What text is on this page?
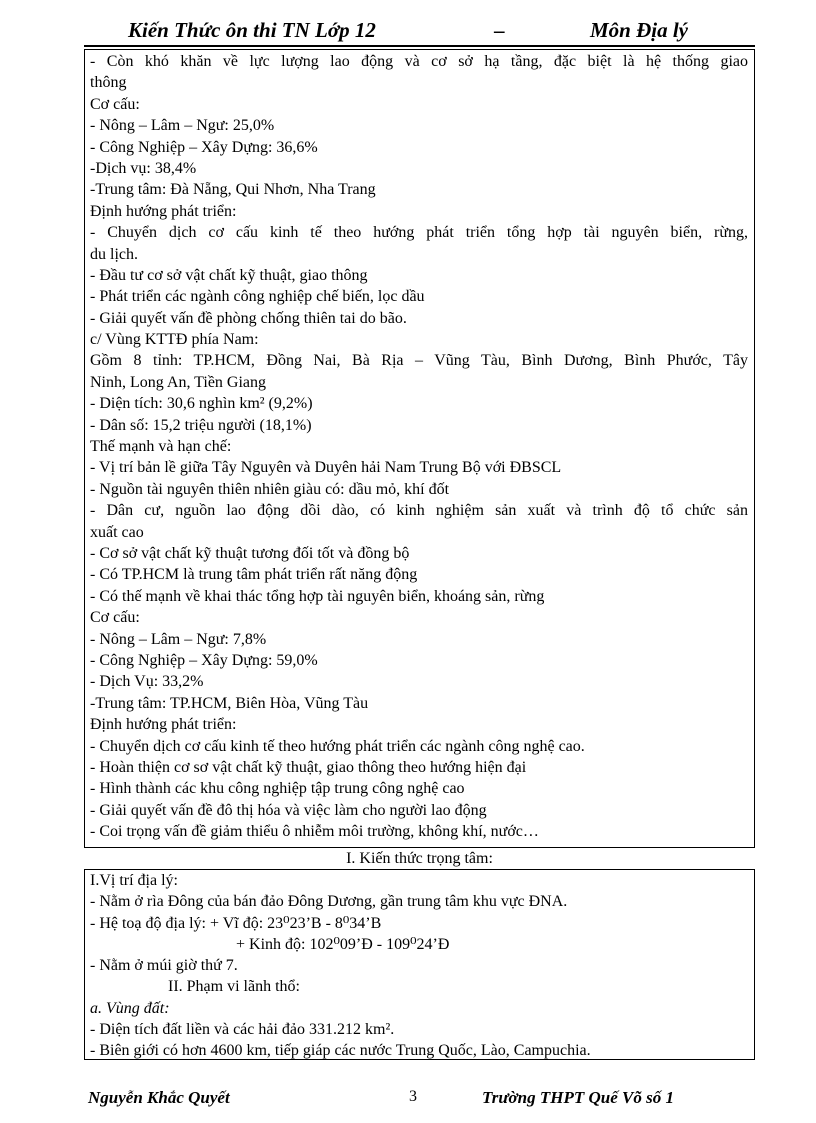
Kiến Thức ôn thi TN Lớp 12	–	Môn Địa lý
- Còn khó khăn về lực lượng lao động và cơ sở hạ tầng, đặc biệt là hệ thống giao
thông
Cơ cấu:
- Nông – Lâm – Ngư: 25,0%
- Công Nghiệp – Xây Dựng: 36,6%
-Dịch vụ: 38,4%
-Trung tâm: Đà Nẵng, Qui Nhơn, Nha Trang
Định hướng phát triển:
- Chuyển dịch cơ cấu kinh tế theo hướng phát triển tổng hợp tài nguyên biển, rừng,
du lịch.
- Đầu tư cơ sở vật chất kỹ thuật, giao thông
- Phát triển các ngành công nghiệp chế biến, lọc dầu
- Giải quyết vấn đề phòng chống thiên tai do bão.
c/ Vùng KTTĐ phía Nam:
Gồm 8 tỉnh: TP.HCM, Đồng Nai, Bà Rịa – Vũng Tàu, Bình Dương, Bình Phước, Tây
Ninh, Long An, Tiền Giang
- Diện tích: 30,6 nghìn km² (9,2%)
- Dân số: 15,2 triệu người (18,1%)
Thế mạnh và hạn chế:
- Vị trí bản lề giữa Tây Nguyên và Duyên hải Nam Trung Bộ với ĐBSCL
- Nguồn tài nguyên thiên nhiên giàu có: dầu mỏ, khí đốt
- Dân cư, nguồn lao động dồi dào, có kinh nghiệm sản xuất và trình độ tổ chức sản
xuất cao
- Cơ sở vật chất kỹ thuật tương đối tốt và đồng bộ
- Có TP.HCM là trung tâm phát triển rất năng động
- Có thế mạnh về khai thác tổng hợp tài nguyên biển, khoáng sản, rừng
Cơ cấu:
- Nông – Lâm – Ngư: 7,8%
- Công Nghiệp – Xây Dựng: 59,0%
- Dịch Vụ: 33,2%
-Trung tâm: TP.HCM, Biên Hòa, Vũng Tàu
Định hướng phát triển:
- Chuyển dịch cơ cấu kinh tế theo hướng phát triển các ngành công nghệ cao.
- Hoàn thiện cơ sơ vật chất kỹ thuật, giao thông theo hướng hiện đại
- Hình thành các khu công nghiệp tập trung công nghệ cao
- Giải quyết vấn đề đô thị hóa và việc làm cho người lao động
- Coi trọng vấn đề giảm thiểu ô nhiễm môi trường, không khí, nước…
I. Kiến thức trọng tâm:
I.Vị trí địa lý:
- Nằm ở rìa Đông của bán đảo Đông Dương, gần trung tâm khu vực ĐNA.
- Hệ toạ độ địa lý: + Vĩ độ: 23⁰23’B - 8⁰34’B
+ Kinh độ: 102⁰09’Đ - 109⁰24’Đ
- Nằm ở múi giờ thứ 7.
II. Phạm vi lãnh thổ:
a. Vùng đất:
- Diện tích đất liền và các hải đảo 331.212 km².
- Biên giới có hơn 4600 km, tiếp giáp các nước Trung Quốc, Lào, Campuchia.
Nguyễn Khắc Quyết	3	Trường THPT Quế Võ số 1
